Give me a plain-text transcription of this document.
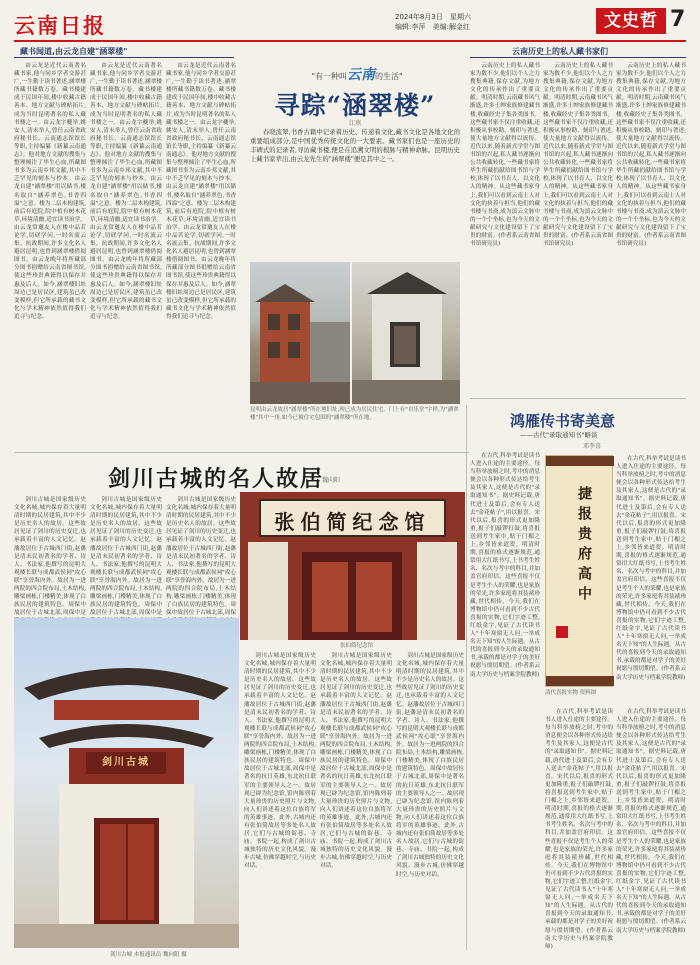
云南日报	2024年8月3日 星期六
编辑:李萍 美编:解金红	文史哲 7
藏书闻道,由云龙自建"涵翠楼"	云南历史上的私人藏书家们

由云龙是近代云南著名藏书家,他与同乡学者交游甚广,一生勤于读书著述,涵翠楼所藏书籍数万卷。藏书楼建成于民国年间,楼中收藏古籍善本、地方文献与碑帖拓片,成为当时昆明著名的私人藏书楼之一。由云龙字夔举,姚安人,清末举人,曾任云南省政府秘书长、云南通志馆馆长等职,主持编纂《新纂云南通志》。他对地方文献的搜集与整理倾注了毕生心血,所藏图书多为云南乡邦文献,其中不乏罕见的刻本与抄本。由云龙自建"涵翠楼"用以储书,楼名取自"涵养翠色,书香四溢"之意。楼为二层木构建筑,前后有庭院,院中植有树木花草,环境清幽,适宜读书治学。由云龙常邀友人在楼中品茗论学,切磋学问,一时名流云集。抗战期间,许多文化名人避居昆明,也曾到涵翠楼借阅图书。由云龙晚年将所藏部分图书捐赠给云南省图书馆,使这些珍贵典籍得以保存并惠及后人。如今,涵翠楼旧址周边已是居民区,建筑虽已改变模样,但它所承载的藏书文化与学术精神依然值得我们追寻与纪念。

由云龙是近代云南著名藏书家,他与同乡学者交游甚广,一生勤于读书著述,涵翠楼所藏书籍数万卷。藏书楼建成于民国年间,楼中收藏古籍善本、地方文献与碑帖拓片,成为当时昆明著名的私人藏书楼之一。由云龙字夔举,姚安人,清末举人,曾任云南省政府秘书长、云南通志馆馆长等职,主持编纂《新纂云南通志》。他对地方文献的搜集与整理倾注了毕生心血,所藏图书多为云南乡邦文献,其中不乏罕见的刻本与抄本。由云龙自建"涵翠楼"用以储书,楼名取自"涵养翠色,书香四溢"之意。楼为二层木构建筑,前后有庭院,院中植有树木花草,环境清幽,适宜读书治学。由云龙常邀友人在楼中品茗论学,切磋学问,一时名流云集。抗战期间,许多文化名人避居昆明,也曾到涵翠楼借阅图书。由云龙晚年将所藏部分图书捐赠给云南省图书馆,使这些珍贵典籍得以保存并惠及后人。如今,涵翠楼旧址周边已是居民区,建筑虽已改变模样,但它所承载的藏书文化与学术精神依然值得我们追寻与纪念。

由云龙是近代云南著名藏书家,他与同乡学者交游甚广,一生勤于读书著述,涵翠楼所藏书籍数万卷。藏书楼建成于民国年间,楼中收藏古籍善本、地方文献与碑帖拓片,成为当时昆明著名的私人藏书楼之一。由云龙字夔举,姚安人,清末举人,曾任云南省政府秘书长、云南通志馆馆长等职,主持编纂《新纂云南通志》。他对地方文献的搜集与整理倾注了毕生心血,所藏图书多为云南乡邦文献,其中不乏罕见的刻本与抄本。由云龙自建"涵翠楼"用以储书,楼名取自"涵养翠色,书香四溢"之意。楼为二层木构建筑,前后有庭院,院中植有树木花草,环境清幽,适宜读书治学。由云龙常邀友人在楼中品茗论学,切磋学问,一时名流云集。抗战期间,许多文化名人避居昆明,也曾到涵翠楼借阅图书。由云龙晚年将所藏部分图书捐赠给云南省图书馆,使这些珍贵典籍得以保存并惠及后人。如今,涵翠楼旧址周边已是居民区,建筑虽已改变模样,但它所承载的藏书文化与学术精神依然值得我们追寻与纪念。

"有一种叫云南的生活"
寻踪“涵翠楼”
江燕

春晓流翠,书香古籍中记录着历史、传递着文化,藏书文化是各地文化的重要组成部分,是中国优秀传统文化的一大要素。藏书家们也是一座历史的丰碑式的记录者,寻访藏书楼,便是在追溯文明的根脉与精神命脉。昆明历史上藏书家辈出,由云龙先生的"涵翠楼"便是其中之一。

昆明由云龙故居"涵翠楼"所在地旧址,现已成为居民住宅。门上有"自乐堂"字样,为"涵翠楼"其中一角,如今已被住宅包围的"涵翠楼"所在地。

云南历史上的私人藏书家为数不少,他们以个人之力搜集典籍,保存文献,为地方文化的传承作出了重要贡献。明清时期,云南藏书风气渐盛,许多士绅家族修建藏书楼,收藏经史子集各类图书。这些藏书家不仅注重收藏,还积极从事校勘、刻印与著述,使大量地方文献得以流传。近代以来,随着新式学堂与图书馆的兴起,私人藏书逐渐向公共收藏转化,一些藏书家将毕生所藏捐献给图书馆与学校,体现了以书育人、以文化人的精神。从这些藏书家身上,我们可以看到云南士人对文化的执着与担当,他们的藏书楼与书斋,成为滇云文脉中的一个个坐标,也为今天的文献研究与文化建设留下了宝贵的财富。(作者系云南省图书馆研究员)

云南历史上的私人藏书家为数不少,他们以个人之力搜集典籍,保存文献,为地方文化的传承作出了重要贡献。明清时期,云南藏书风气渐盛,许多士绅家族修建藏书楼,收藏经史子集各类图书。这些藏书家不仅注重收藏,还积极从事校勘、刻印与著述,使大量地方文献得以流传。近代以来,随着新式学堂与图书馆的兴起,私人藏书逐渐向公共收藏转化,一些藏书家将毕生所藏捐献给图书馆与学校,体现了以书育人、以文化人的精神。从这些藏书家身上,我们可以看到云南士人对文化的执着与担当,他们的藏书楼与书斋,成为滇云文脉中的一个个坐标,也为今天的文献研究与文化建设留下了宝贵的财富。(作者系云南省图书馆研究员)

云南历史上的私人藏书家为数不少,他们以个人之力搜集典籍,保存文献,为地方文化的传承作出了重要贡献。明清时期,云南藏书风气渐盛,许多士绅家族修建藏书楼,收藏经史子集各类图书。这些藏书家不仅注重收藏,还积极从事校勘、刻印与著述,使大量地方文献得以流传。近代以来,随着新式学堂与图书馆的兴起,私人藏书逐渐向公共收藏转化,一些藏书家将毕生所藏捐献给图书馆与学校,体现了以书育人、以文化人的精神。从这些藏书家身上,我们可以看到云南士人对文化的执着与担当,他们的藏书楼与书斋,成为滇云文脉中的一个个坐标,也为今天的文献研究与文化建设留下了宝贵的财富。(作者系云南省图书馆研究员)

剑川古城的名人故居
魏向阳

剑川古城是国家级历史文化名城,城内保存着大量明清时期的民居建筑,其中不少是历史名人的故居。这些故居见证了剑川的历史变迁,也承载着丰富的人文记忆。赵藩故居位于古城西门街,赵藩是清末民初著名的学者、诗人、书法家,他撰写的昆明大观楼长联与成都武侯祠"攻心联"享誉海内外。故居为一进两院的四合院布局,土木结构,雕梁画栋,门楼精美,体现了白族民居的建筑特色。周保中故居位于古城北部,周保中是

剑川古城是国家级历史文化名城,城内保存着大量明清时期的民居建筑,其中不少是历史名人的故居。这些故居见证了剑川的历史变迁,也承载着丰富的人文记忆。赵藩故居位于古城西门街,赵藩是清末民初著名的学者、诗人、书法家,他撰写的昆明大观楼长联与成都武侯祠"攻心联"享誉海内外。故居为一进两院的四合院布局,土木结构,雕梁画栋,门楼精美,体现了白族民居的建筑特色。周保中故居位于古城北部,周保中是

剑川古城是国家级历史文化名城,城内保存着大量明清时期的民居建筑,其中不少是历史名人的故居。这些故居见证了剑川的历史变迁,也承载着丰富的人文记忆。赵藩故居位于古城西门街,赵藩是清末民初著名的学者、诗人、书法家,他撰写的昆明大观楼长联与成都武侯祠"攻心联"享誉海内外。故居为一进两院的四合院布局,土木结构,雕梁画栋,门楼精美,体现了白族民居的建筑特色。周保中故居位于古城北部,周保

张伯简纪念馆
张伯简纪念馆
剑川古城
剑川古城 本报通讯员 魏向阳 摄

剑川古城是国家级历史文化名城,城内保存着大量明清时期的民居建筑,其中不少是历史名人的故居。这些故居见证了剑川的历史变迁,也承载着丰富的人文记忆。赵藩故居位于古城西门街,赵藩是清末民初著名的学者、诗人、书法家,他撰写的昆明大观楼长联与成都武侯祠"攻心联"享誉海内外。故居为一进两院的四合院布局,土木结构,雕梁画栋,门楼精美,体现了白族民居的建筑特色。周保中故居位于古城北部,周保中是著名的抗日英雄,东北抗日联军的主要领导人之一。故居现已辟为纪念馆,馆内陈列着大量珍贵的历史照片与文物,向人们讲述着这位白族将军的英雄事迹。此外,古城内还有张伯简故居等多处名人故居,它们与古城的街巷、寺庙、书院一起,构成了剑川古城独特的历史文化风貌。漫步古城,仿佛穿越时空,与历史对话。

剑川古城是国家级历史文化名城,城内保存着大量明清时期的民居建筑,其中不少是历史名人的故居。这些故居见证了剑川的历史变迁,也承载着丰富的人文记忆。赵藩故居位于古城西门街,赵藩是清末民初著名的学者、诗人、书法家,他撰写的昆明大观楼长联与成都武侯祠"攻心联"享誉海内外。故居为一进两院的四合院布局,土木结构,雕梁画栋,门楼精美,体现了白族民居的建筑特色。周保中故居位于古城北部,周保中是著名的抗日英雄,东北抗日联军的主要领导人之一。故居现已辟为纪念馆,馆内陈列着大量珍贵的历史照片与文物,向人们讲述着这位白族将军的英雄事迹。此外,古城内还有张伯简故居等多处名人故居,它们与古城的街巷、寺庙、书院一起,构成了剑川古城独特的历史文化风貌。漫步古城,仿佛穿越时空,与历史对话。

剑川古城是国家级历史文化名城,城内保存着大量明清时期的民居建筑,其中不少是历史名人的故居。这些故居见证了剑川的历史变迁,也承载着丰富的人文记忆。赵藩故居位于古城西门街,赵藩是清末民初著名的学者、诗人、书法家,他撰写的昆明大观楼长联与成都武侯祠"攻心联"享誉海内外。故居为一进两院的四合院布局,土木结构,雕梁画栋,门楼精美,体现了白族民居的建筑特色。周保中故居位于古城北部,周保中是著名的抗日英雄,东北抗日联军的主要领导人之一。故居现已辟为纪念馆,馆内陈列着大量珍贵的历史照片与文物,向人们讲述着这位白族将军的英雄事迹。此外,古城内还有张伯简故居等多处名人故居,它们与古城的街巷、寺庙、书院一起,构成了剑川古城独特的历史文化风貌。漫步古城,仿佛穿越时空,与历史对话。

鸿雁传书寄美意
——古代"录取通知书"略谈
邓李喜

在古代,科举考试是读书人进入仕途的主要途径。每当科举放榜之时,考中的消息便会以各种形式传达给考生及其家人,这便是古代的"录取通知书"。据史料记载,唐代进士及第后,会有专人送去"金花帖子",用以报喜。宋代以后,报喜的形式更加隆重,报子们敲锣打鼓,将喜报送到考生家中,贴于门楣之上,乡邻皆来道贺。明清时期,喜报的格式逐渐规范,通常用大红纸书写,上书考生姓名、名次与考中的科目,并加盖官府印信。这些喜报不仅是考生个人的荣耀,也是家族的荣光,许多家庭将其装裱珍藏,世代相传。今天,我们在博物馆中仍可看到不少古代喜报的实物,它们字迹工整,红纸金字,见证了古代读书人"十年寒窗无人问,一举成名天下知"的人生际遇。从古代的喜报到今天的录取通知书,承载的都是对学子的美好祝愿与殷切期望。(作者系云南大学历史与档案学院教师)

捷报贵府高中
清代喜报实物 资料图

在古代,科举考试是读书人进入仕途的主要途径。每当科举放榜之时,考中的消息便会以各种形式传达给考生及其家人,这便是古代的"录取通知书"。据史料记载,唐代进士及第后,会有专人送去"金花帖子",用以报喜。宋代以后,报喜的形式更加隆重,报子们敲锣打鼓,将喜报送到考生家中,贴于门楣之上,乡邻皆来道贺。明清时期,喜报的格式逐渐规范,通常用大红纸书写,上书考生姓名、名次与考中的科目,并加盖官府印信。这些喜报不仅是考生个人的荣耀,也是家族的荣光,许多家庭将其装裱珍藏,世代相传。今天,我们在博物馆中仍可看到不少古代喜报的实物,它们字迹工整,红纸金字,见证了古代读书人"十年寒窗无人问,一举成名天下知"的人生际遇。从古代的喜报到今天的录取通知书,承载的都是对学子的美好祝愿与殷切期望。(作者系云南大学历史与档案学院教师)

在古代,科举考试是读书人进入仕途的主要途径。每当科举放榜之时,考中的消息便会以各种形式传达给考生及其家人,这便是古代的"录取通知书"。据史料记载,唐代进士及第后,会有专人送去"金花帖子",用以报喜。宋代以后,报喜的形式更加隆重,报子们敲锣打鼓,将喜报送到考生家中,贴于门楣之上,乡邻皆来道贺。明清时期,喜报的格式逐渐规范,通常用大红纸书写,上书考生姓名、名次与考中的科目,并加盖官府印信。这些喜报不仅是考生个人的荣耀,也是家族的荣光,许多家庭将其装裱珍藏,世代相传。今天,我们在博物馆中仍可看到不少古代喜报的实物,它们字迹工整,红纸金字,见证了古代读书人"十年寒窗无人问,一举成名天下知"的人生际遇。从古代的喜报到今天的录取通知书,承载的都是对学子的美好祝愿与殷切期望。(作者系云南大学历史与档案学院教师)

在古代,科举考试是读书人进入仕途的主要途径。每当科举放榜之时,考中的消息便会以各种形式传达给考生及其家人,这便是古代的"录取通知书"。据史料记载,唐代进士及第后,会有专人送去"金花帖子",用以报喜。宋代以后,报喜的形式更加隆重,报子们敲锣打鼓,将喜报送到考生家中,贴于门楣之上,乡邻皆来道贺。明清时期,喜报的格式逐渐规范,通常用大红纸书写,上书考生姓名、名次与考中的科目,并加盖官府印信。这些喜报不仅是考生个人的荣耀,也是家族的荣光,许多家庭将其装裱珍藏,世代相传。今天,我们在博物馆中仍可看到不少古代喜报的实物,它们字迹工整,红纸金字,见证了古代读书人"十年寒窗无人问,一举成名天下知"的人生际遇。从古代的喜报到今天的录取通知书,承载的都是对学子的美好祝愿与殷切期望。(作者系云南大学历史与档案学院教师)
